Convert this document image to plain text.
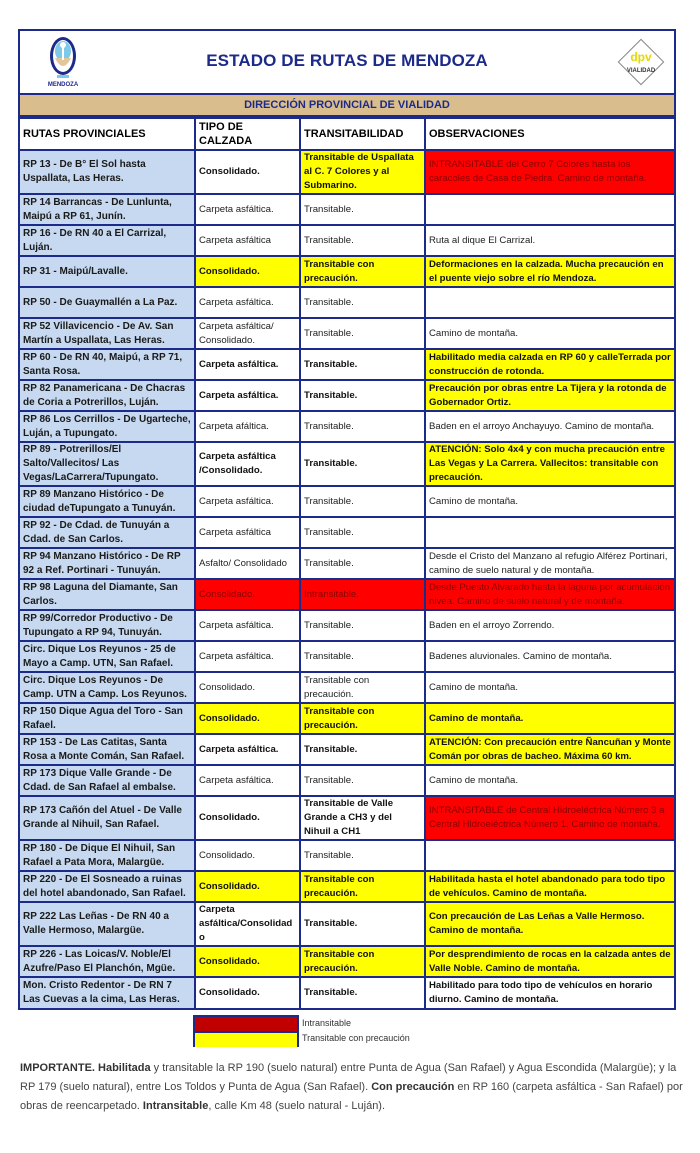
MENDOZA
ESTADO DE RUTAS DE MENDOZA	dpv
VIALIDAD
DIRECCIÓN PROVINCIAL DE VIALIDAD
RUTAS PROVINCIALES	TIPO DE CALZADA	TRANSITABILIDAD	OBSERVACIONES
RP 13 - De B° El Sol hasta Uspallata, Las Heras.	Consolidado.	Transitable de Uspallata al C. 7 Colores y al Submarino.	INTRANSITABLE del Cerro 7 Colores hasta los caracoles de Casa de Piedra. Camino de montaña.
RP 14 Barrancas - De Lunlunta, Maipú a RP 61, Junín.	Carpeta asfáltica.	Transitable.	
RP 16 - De RN 40 a El Carrizal, Luján.	Carpeta asfáltica	Transitable.	Ruta al dique El Carrizal.
RP 31 - Maipú/Lavalle.	Consolidado.	Transitable con precaución.	Deformaciones en la calzada. Mucha precaución en el puente viejo sobre el río Mendoza.
RP 50 - De Guaymallén a La Paz.	Carpeta asfáltica.	Transitable.	
RP 52 Villavicencio - De Av. San Martín a Uspallata, Las Heras.	Carpeta asfáltica/ Consolidado.	Transitable.	Camino de montaña.
RP 60 - De RN 40, Maipú, a RP 71, Santa Rosa.	Carpeta asfáltica.	Transitable.	Habilitado media calzada en RP 60 y calleTerrada por construcción de rotonda.
RP 82 Panamericana - De Chacras de Coria a Potrerillos, Luján.	Carpeta asfáltica.	Transitable.	Precaución por obras entre La Tijera y la rotonda de Gobernador Ortiz.
RP 86 Los Cerrillos - De Ugarteche, Luján, a Tupungato.	Carpeta afáltica.	Transitable.	Baden en el arroyo Anchayuyo. Camino de montaña.
RP 89 - Potrerillos/El Salto/Vallecitos/ Las Vegas/LaCarrera/Tupungato.	Carpeta asfáltica /Consolidado.	Transitable.	ATENCIÓN: Solo 4x4 y con mucha precaución entre Las Vegas y La Carrera. Vallecitos: transitable con precaución.
RP 89 Manzano Histórico - De ciudad deTupungato a Tunuyán.	Carpeta asfáltica.	Transitable.	Camino de montaña.
RP 92 - De Cdad. de Tunuyán a Cdad. de San Carlos.	Carpeta asfáltica	Transitable.	
RP 94 Manzano Histórico - De RP 92 a Ref. Portinari - Tunuyán.	Asfalto/ Consolidado	Transitable.	Desde el Cristo del Manzano al refugio Alférez Portinari, camino de suelo natural y de montaña.
RP 98 Laguna del Diamante, San Carlos.	Consolidado.	Intransitable.	Desde Puesto Alvarado hasta la laguna por acumulación nivea. Camino de suelo natural y de montaña.
RP 99/Corredor Productivo - De Tupungato a RP 94, Tunuyán.	Carpeta asfáltica.	Transitable.	Baden en el arroyo Zorrendo.
Circ. Dique Los Reyunos - 25 de Mayo a Camp. UTN, San Rafael.	Carpeta asfáltica.	Transitable.	Badenes aluvionales. Camino de montaña.
Circ. Dique Los Reyunos - De Camp. UTN a Camp. Los Reyunos.	Consolidado.	Transitable con precaución.	Camino de montaña.
RP 150 Dique Agua del Toro - San Rafael.	Consolidado.	Transitable con precaución.	Camino de montaña.
RP 153 - De Las Catitas, Santa Rosa a Monte Comán, San Rafael.	Carpeta asfáltica.	Transitable.	ATENCIÓN: Con precaución entre Ñancuñan y Monte Comán por obras de bacheo. Máxima 60 km.
RP 173 Dique Valle Grande - De Cdad. de San Rafael al embalse.	Carpeta asfáltica.	Transitable.	Camino de montaña.
RP 173 Cañón del Atuel - De Valle Grande al Nihuil, San Rafael.	Consolidado.	Transitable de Valle Grande a CH3 y del Nihuil a CH1	INTRANSITABLE de Central Hidroeléctrica Número 3 a Central Hidroeléctrica Número 1. Camino de montaña.
RP 180 - De Dique El Nihuil, San Rafael a Pata Mora, Malargüe.	Consolidado.	Transitable.	
RP 220 - De El Sosneado a ruinas del hotel abandonado, San Rafael.	Consolidado.	Transitable con precaución.	Habilitada hasta el hotel abandonado para todo tipo de vehículos. Camino de montaña.
RP 222 Las Leñas - De RN 40 a Valle Hermoso, Malargüe.	Carpeta asfáltica/Consolidado	Transitable.	Con precaución de Las Leñas a Valle Hermoso. Camino de montaña.
RP 226 - Las Loicas/V. Noble/El Azufre/Paso El Planchón, Mgüe.	Consolidado.	Transitable con precaución.	Por desprendimiento de rocas en la calzada antes de Valle Noble. Camino de montaña.
Mon. Cristo Redentor - De RN 7 Las Cuevas a la cima, Las Heras.	Consolidado.	Transitable.	Habilitado para todo tipo de vehículos en horario diurno. Camino de montaña.
Intransitable
Transitable con precaución
IMPORTANTE. Habilitada y transitable la RP 190 (suelo natural) entre Punta de Agua (San Rafael) y Agua Escondida (Malargüe); y la RP 179 (suelo natural), entre Los Toldos y Punta de Agua (San Rafael). Con precaución en RP 160 (carpeta asfáltica - San Rafael) por obras de reencarpetado. Intransitable, calle Km 48 (suelo natural - Luján).
